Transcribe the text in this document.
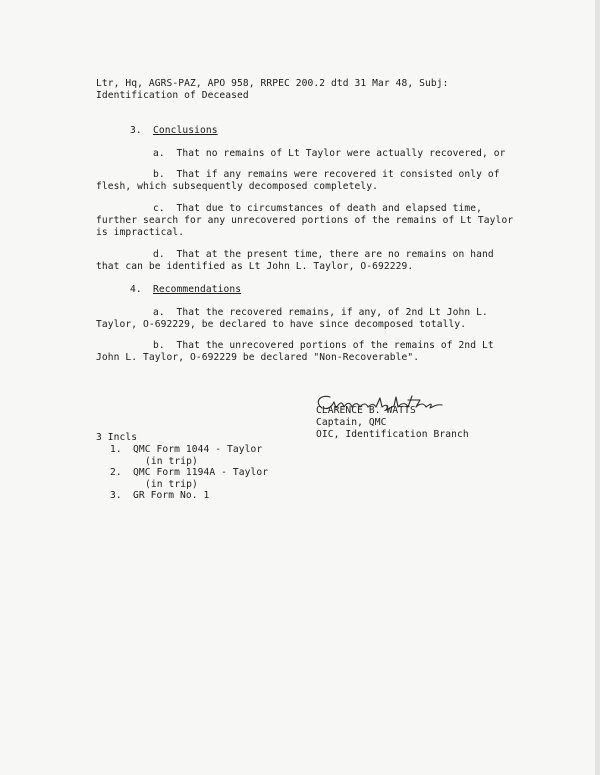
Ltr, Hq, AGRS-PAZ, APO 958, RRPEC 200.2 dtd 31 Mar 48, Subj:
Identification of Deceased
3. Conclusions
a.  That no remains of Lt Taylor were actually recovered, or
b.  That if any remains were recovered it consisted only of
flesh, which subsequently decomposed completely.
c.  That due to circumstances of death and elapsed time,
further search for any unrecovered portions of the remains of Lt Taylor
is impractical.
d.  That at the present time, there are no remains on hand
that can be identified as Lt John L. Taylor, O-692229.
4. Recommendations
a.  That the recovered remains, if any, of 2nd Lt John L.
Taylor, O-692229, be declared to have since decomposed totally.
b.  That the unrecovered portions of the remains of 2nd Lt
John L. Taylor, O-692229 be declared "Non-Recoverable".
CLARENCE B. WATTS
Captain, QMC
OIC, Identification Branch
3 Incls
1. QMC Form 1044 - Taylor
(in trip)
2. QMC Form 1194A - Taylor
(in trip)
3. GR Form No. 1
